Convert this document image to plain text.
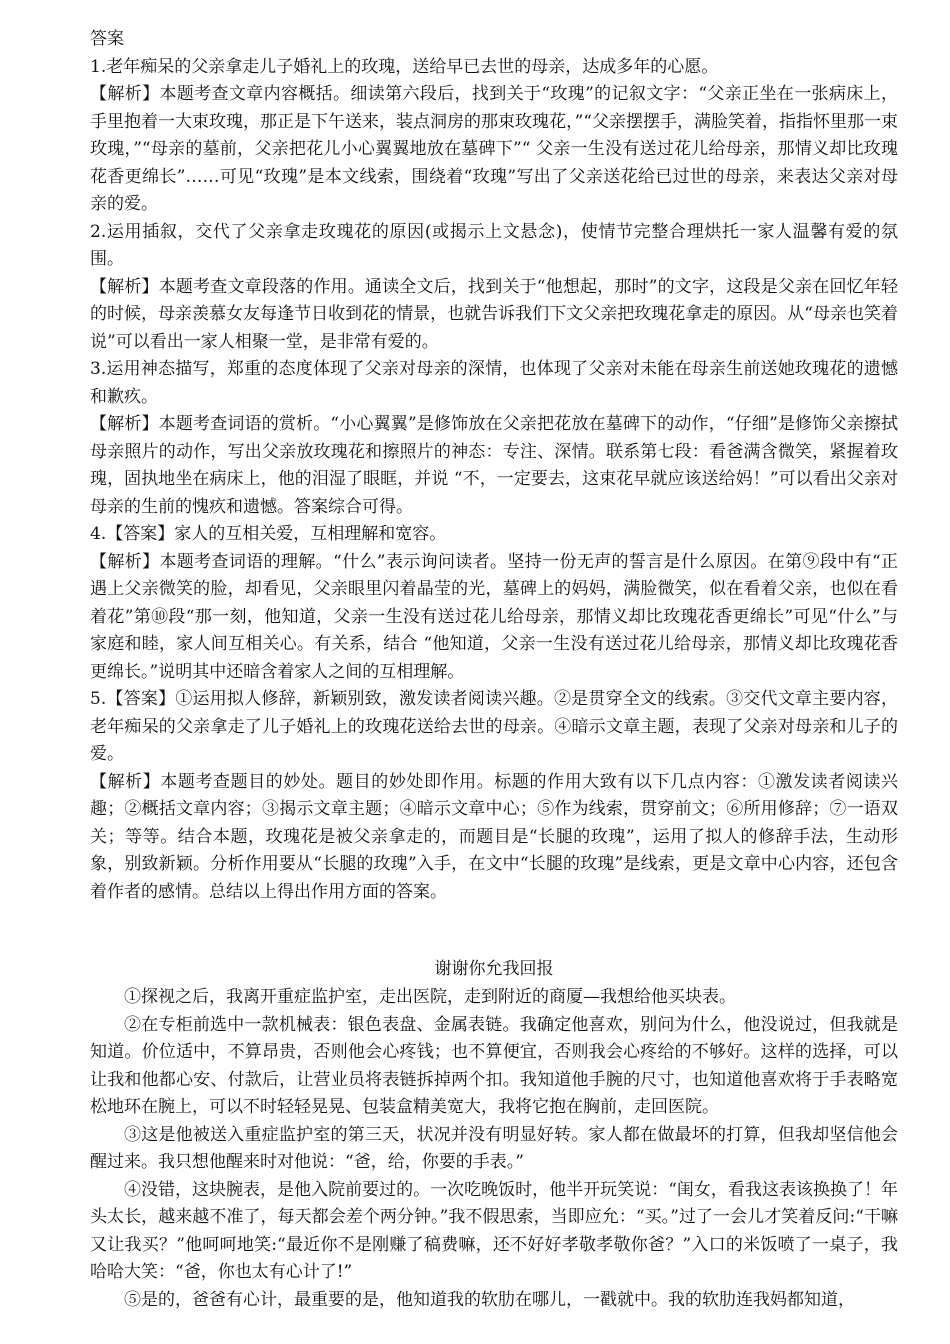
答案

1.老年痴呆的父亲拿走儿子婚礼上的玫瑰，送给早已去世的母亲，达成多年的心愿。

【解析】本题考查文章内容概括。细读第六段后，找到关于“玫瑰”的记叙文字：“父亲正坐在一张病床上，手里抱着一大束玫瑰，那正是下午送来，装点洞房的那束玫瑰花，”“父亲摆摆手，满脸笑着，指指怀里那一束玫瑰，”“母亲的墓前，父亲把花儿小心翼翼地放在墓碑下”“ 父亲一生没有送过花儿给母亲，那情义却比玫瑰花香更绵长”……可见“玫瑰”是本文线索，围绕着“玫瑰”写出了父亲送花给已过世的母亲，来表达父亲对母亲的爱。

2.运用插叙，交代了父亲拿走玫瑰花的原因(或揭示上文悬念)，使情节完整合理烘托一家人温馨有爱的氛围。

【解析】本题考查文章段落的作用。通读全文后，找到关于“他想起，那时”的文字，这段是父亲在回忆年轻的时候，母亲羡慕女友每逢节日收到花的情景，也就告诉我们下文父亲把玫瑰花拿走的原因。从“母亲也笑着说”可以看出一家人相聚一堂，是非常有爱的。

3.运用神态描写，郑重的态度体现了父亲对母亲的深情，也体现了父亲对未能在母亲生前送她玫瑰花的遗憾和歉疚。

【解析】本题考查词语的赏析。“小心翼翼”是修饰放在父亲把花放在墓碑下的动作，“仔细”是修饰父亲擦拭母亲照片的动作，写出父亲放玫瑰花和擦照片的神态：专注、深情。联系第七段：看爸满含微笑，紧握着玫瑰，固执地坐在病床上，他的泪湿了眼眶，并说 “不，一定要去，这束花早就应该送给妈！”可以看出父亲对母亲的生前的愧疚和遗憾。答案综合可得。

4.【答案】家人的互相关爱，互相理解和宽容。

【解析】本题考查词语的理解。“什么”表示询问读者。坚持一份无声的誓言是什么原因。在第⑨段中有“正遇上父亲微笑的脸，却看见，父亲眼里闪着晶莹的光，墓碑上的妈妈，满脸微笑，似在看着父亲，也似在看着花”第⑩段“那一刻，他知道，父亲一生没有送过花儿给母亲，那情义却比玫瑰花香更绵长”可见“什么”与家庭和睦，家人间互相关心。有关系，结合 “他知道，父亲一生没有送过花儿给母亲，那情义却比玫瑰花香更绵长。”说明其中还暗含着家人之间的互相理解。

5.【答案】①运用拟人修辞，新颖别致，激发读者阅读兴趣。②是贯穿全文的线索。③交代文章主要内容，老年痴呆的父亲拿走了儿子婚礼上的玫瑰花送给去世的母亲。④暗示文章主题，表现了父亲对母亲和儿子的爱。

【解析】本题考查题目的妙处。题目的妙处即作用。标题的作用大致有以下几点内容：①激发读者阅读兴趣；②概括文章内容；③揭示文章主题；④暗示文章中心；⑤作为线索，贯穿前文；⑥所用修辞；⑦一语双关；等等。结合本题，玫瑰花是被父亲拿走的，而题目是“长腿的玫瑰”，运用了拟人的修辞手法，生动形象，别致新颖。分析作用要从“长腿的玫瑰”入手，在文中“长腿的玫瑰”是线索，更是文章中心内容，还包含着作者的感情。总结以上得出作用方面的答案。

谢谢你允我回报

①探视之后，我离开重症监护室，走出医院，走到附近的商厦—我想给他买块表。

②在专柜前选中一款机械表：银色表盘、金属表链。我确定他喜欢，别问为什么，他没说过，但我就是知道。价位适中，不算昂贵，否则他会心疼钱；也不算便宜，否则我会心疼给的不够好。这样的选择，可以让我和他都心安、付款后，让营业员将表链拆掉两个扣。我知道他手腕的尺寸，也知道他喜欢将于手表略宽松地环在腕上，可以不时轻轻晃晃、包装盒精美宽大，我将它抱在胸前，走回医院。

③这是他被送入重症监护室的第三天，状况并没有明显好转。家人都在做最坏的打算，但我却坚信他会醒过来。我只想他醒来时对他说：“爸，给，你要的手表。”

④没错，这块腕表，是他入院前要过的。一次吃晚饭时，他半开玩笑说：“闺女，看我这表该换换了！年头太长，越来越不准了，每天都会差个两分钟。”我不假思索，当即应允：“买。”过了一会儿才笑着反问:“干嘛又让我买？”他呵呵地笑:“最近你不是刚赚了稿费嘛，还不好好孝敬孝敬你爸？”入口的米饭喷了一桌子，我哈哈大笑：“爸，你也太有心计了!”

⑤是的，爸爸有心计，最重要的是，他知道我的软肋在哪儿，一戳就中。我的软肋连我妈都知道，
